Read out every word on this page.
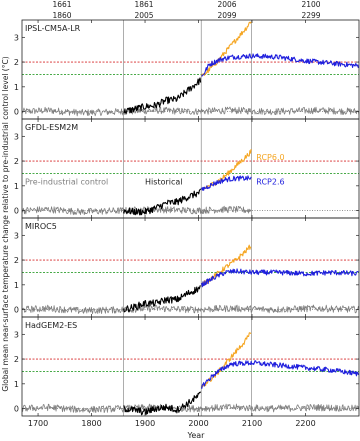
1661	1861	2006	2100
1860	2005	2099	2299
0
1
2
3
IPSL-CM5A-LR
0
1
2
3
GFDL-ESM2M
Pre-industrial control	Historical
RCP6.0
RCP2.6
0
1
2
3
MIROC5
0
1
2
3
HadGEM2-ES
1700	1800	1900	2000	2100	2200
Global mean near-surface temperature change relative to pre-industrial control level (°C)
Year
